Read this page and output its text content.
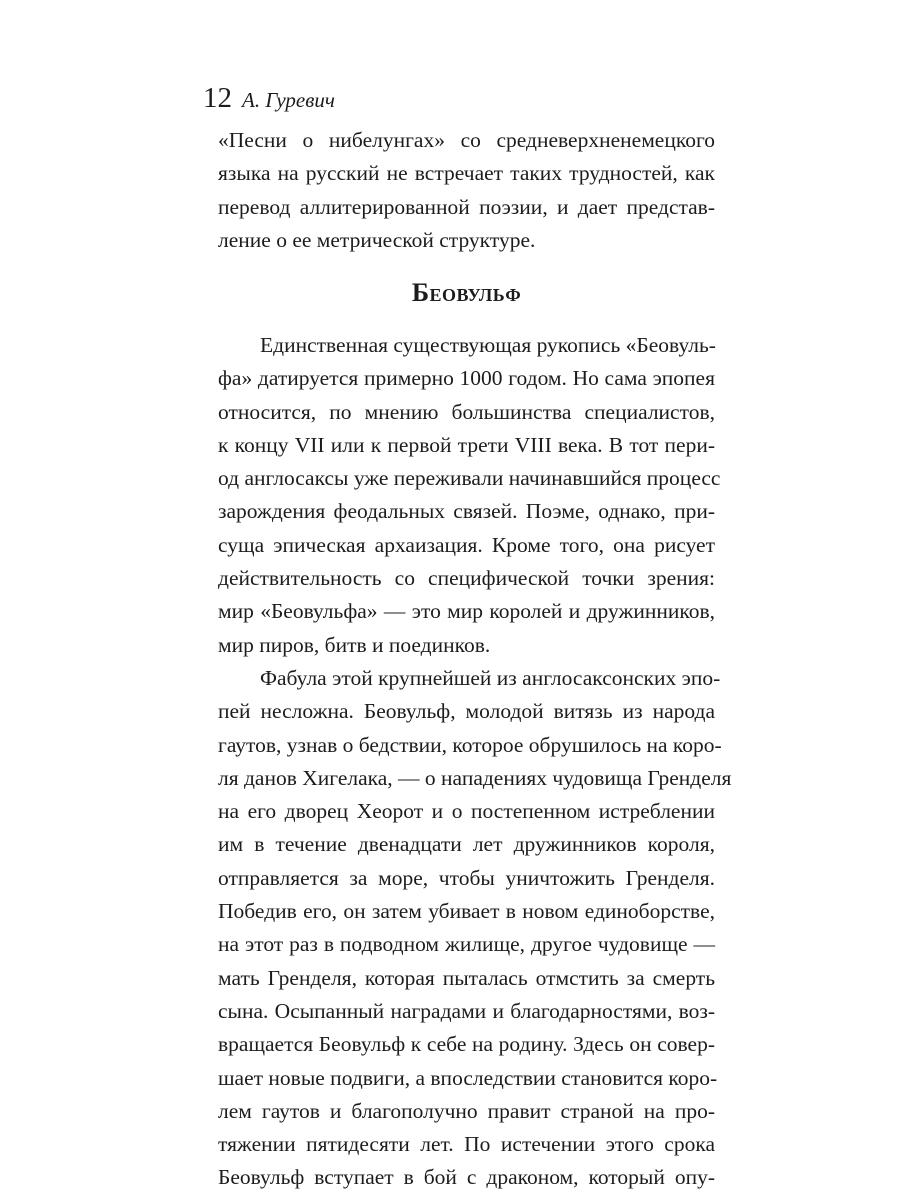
12 А. Гуревич

«Песни о нибелунгах» со средневерхненемецкого
языка на русский не встречает таких трудностей, как
перевод аллитерированной поэзии, и дает представ-
ление о ее метрической структуре.

Беовульф

Единственная существующая рукопись «Беовуль-
фа» датируется примерно 1000 годом. Но сама эпопея
относится, по мнению большинства специалистов,
к концу VII или к первой трети VIII века. В тот пери-
од англосаксы уже переживали начинавшийся процесс
зарождения феодальных связей. Поэме, однако, при-
суща эпическая архаизация. Кроме того, она рисует
действительность со специфической точки зрения:
мир «Беовульфа» — это мир королей и дружинников,
мир пиров, битв и поединков.

Фабула этой крупнейшей из англосаксонских эпо-
пей несложна. Беовульф, молодой витязь из народа
гаутов, узнав о бедствии, которое обрушилось на коро-
ля данов Хигелака, — о нападениях чудовища Гренделя
на его дворец Хеорот и о постепенном истреблении
им в течение двенадцати лет дружинников короля,
отправляется за море, чтобы уничтожить Гренделя.
Победив его, он затем убивает в новом единоборстве,
на этот раз в подводном жилище, другое чудовище —
мать Гренделя, которая пыталась отмстить за смерть
сына. Осыпанный наградами и благодарностями, воз-
вращается Беовульф к себе на родину. Здесь он совер-
шает новые подвиги, а впоследствии становится коро-
лем гаутов и благополучно правит страной на про-
тяжении пятидесяти лет. По истечении этого срока
Беовульф вступает в бой с драконом, который опу-
